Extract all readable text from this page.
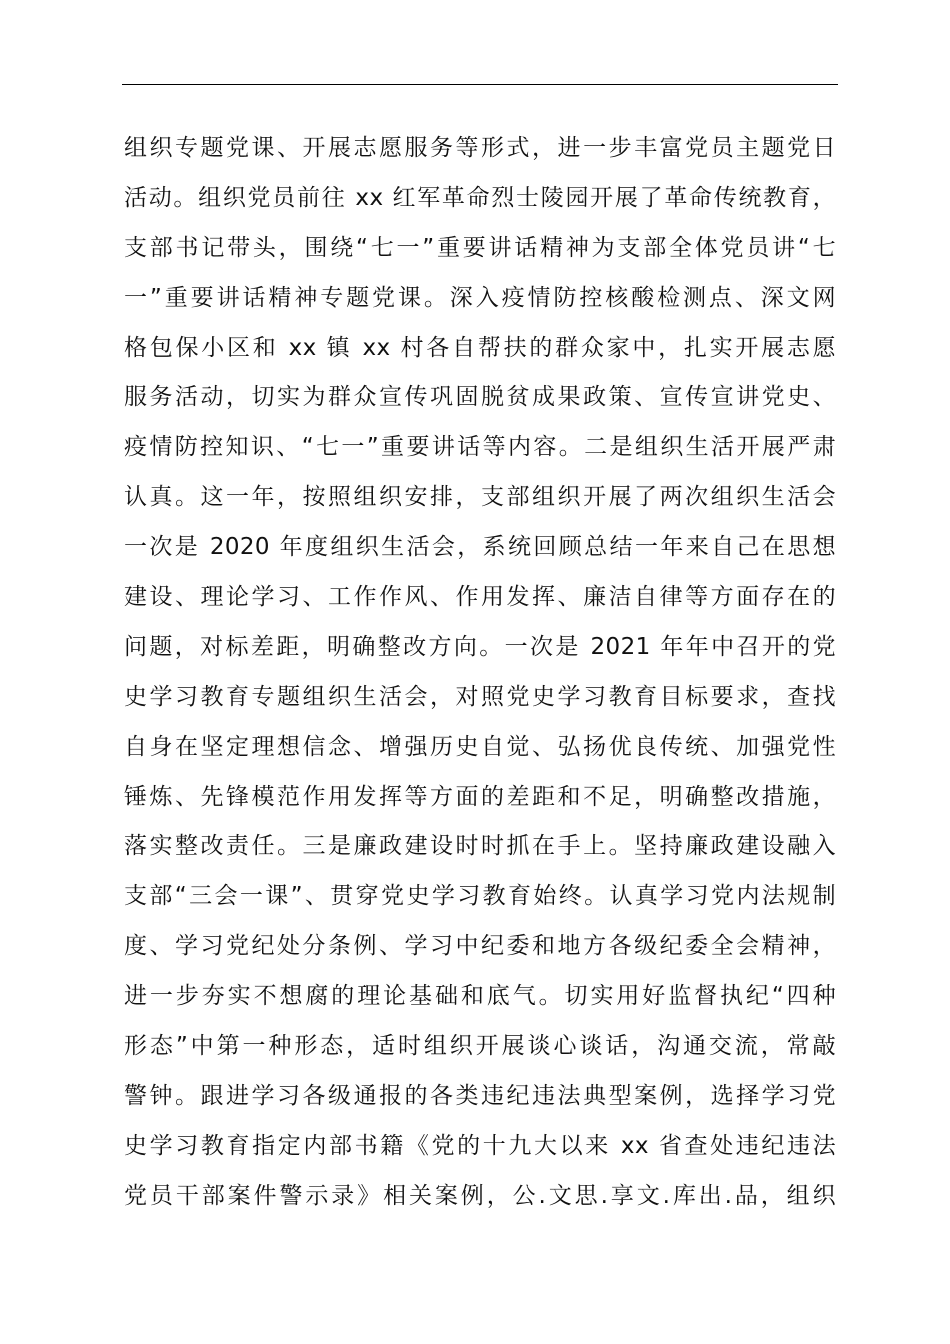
组织专题党课、开展志愿服务等形式，进一步丰富党员主题党日
活动。组织党员前往 xx 红军革命烈士陵园开展了革命传统教育，
支部书记带头，围绕“七一”重要讲话精神为支部全体党员讲“七
一”重要讲话精神专题党课。深入疫情防控核酸检测点、深文网
格包保小区和 xx 镇 xx 村各自帮扶的群众家中，扎实开展志愿
服务活动，切实为群众宣传巩固脱贫成果政策、宣传宣讲党史、
疫情防控知识、“七一”重要讲话等内容。二是组织生活开展严肃
认真。这一年，按照组织安排，支部组织开展了两次组织生活会
一次是 2020 年度组织生活会，系统回顾总结一年来自己在思想
建设、理论学习、工作作风、作用发挥、廉洁自律等方面存在的
问题，对标差距，明确整改方向。一次是 2021 年年中召开的党
史学习教育专题组织生活会，对照党史学习教育目标要求，查找
自身在坚定理想信念、增强历史自觉、弘扬优良传统、加强党性
锤炼、先锋模范作用发挥等方面的差距和不足，明确整改措施，
落实整改责任。三是廉政建设时时抓在手上。坚持廉政建设融入
支部“三会一课”、贯穿党史学习教育始终。认真学习党内法规制
度、学习党纪处分条例、学习中纪委和地方各级纪委全会精神，
进一步夯实不想腐的理论基础和底气。切实用好监督执纪“四种
形态”中第一种形态，适时组织开展谈心谈话，沟通交流，常敲
警钟。跟进学习各级通报的各类违纪违法典型案例，选择学习党
史学习教育指定内部书籍《党的十九大以来 xx 省查处违纪违法
党员干部案件警示录》相关案例，公.文思.享文.库出.品，组织
